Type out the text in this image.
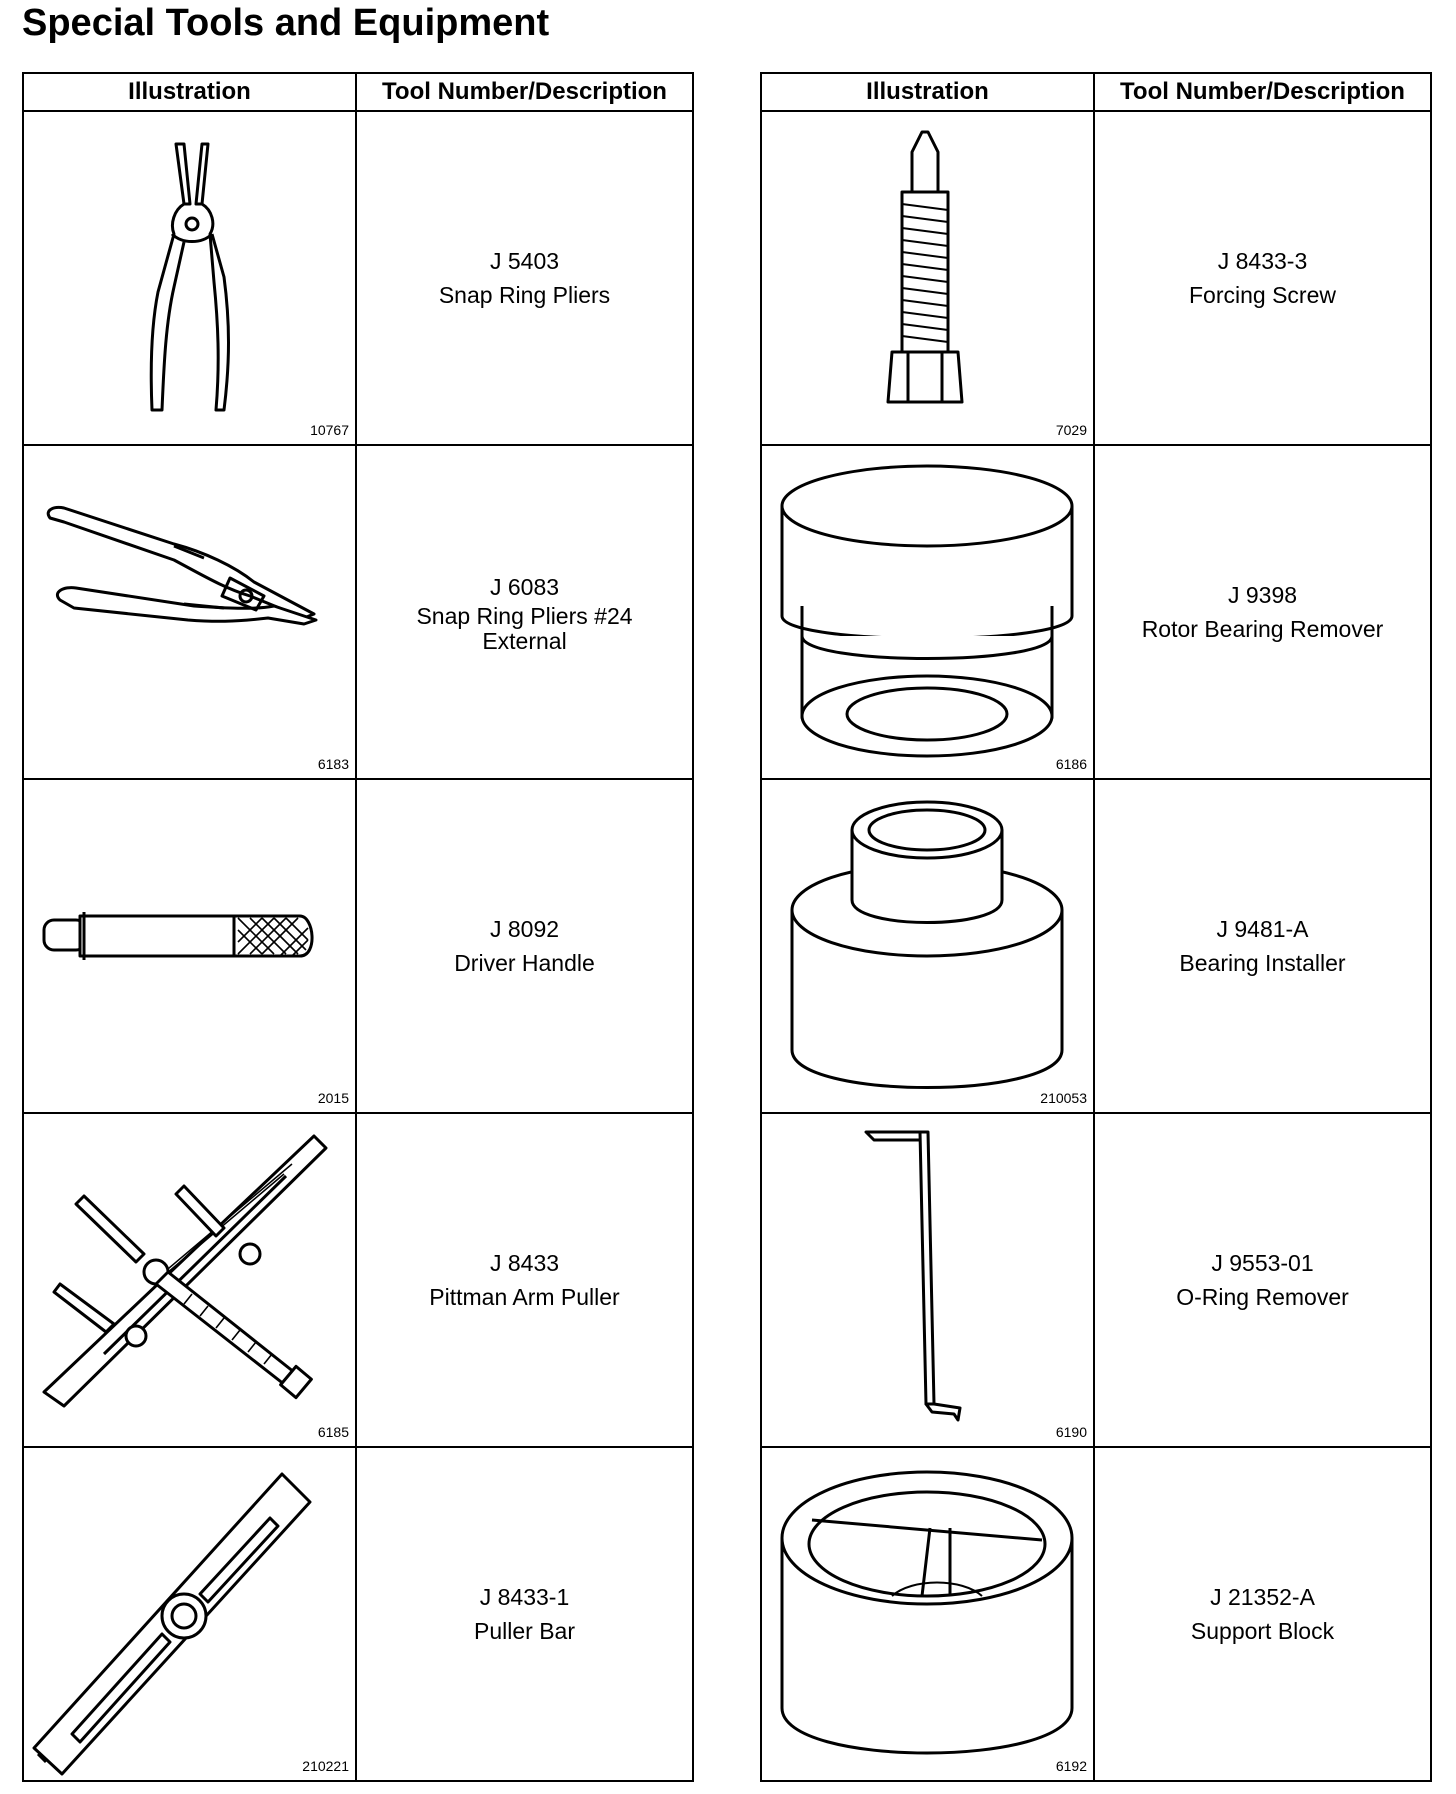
Special Tools and Equipment
Illustration	Tool Number/Description

10767	J 5403
Snap Ring Pliers

6183	J 6083
Snap Ring Pliers #24 External

2015	J 8092
Driver Handle

6185	J 8433
Pittman Arm Puller

210221	J 8433-1
Puller Bar
Illustration	Tool Number/Description

7029	J 8433-3
Forcing Screw

6186	J 9398
Rotor Bearing Remover

210053	J 9481-A
Bearing Installer

6190	J 9553-01
O-Ring Remover

6192	J 21352-A
Support Block
